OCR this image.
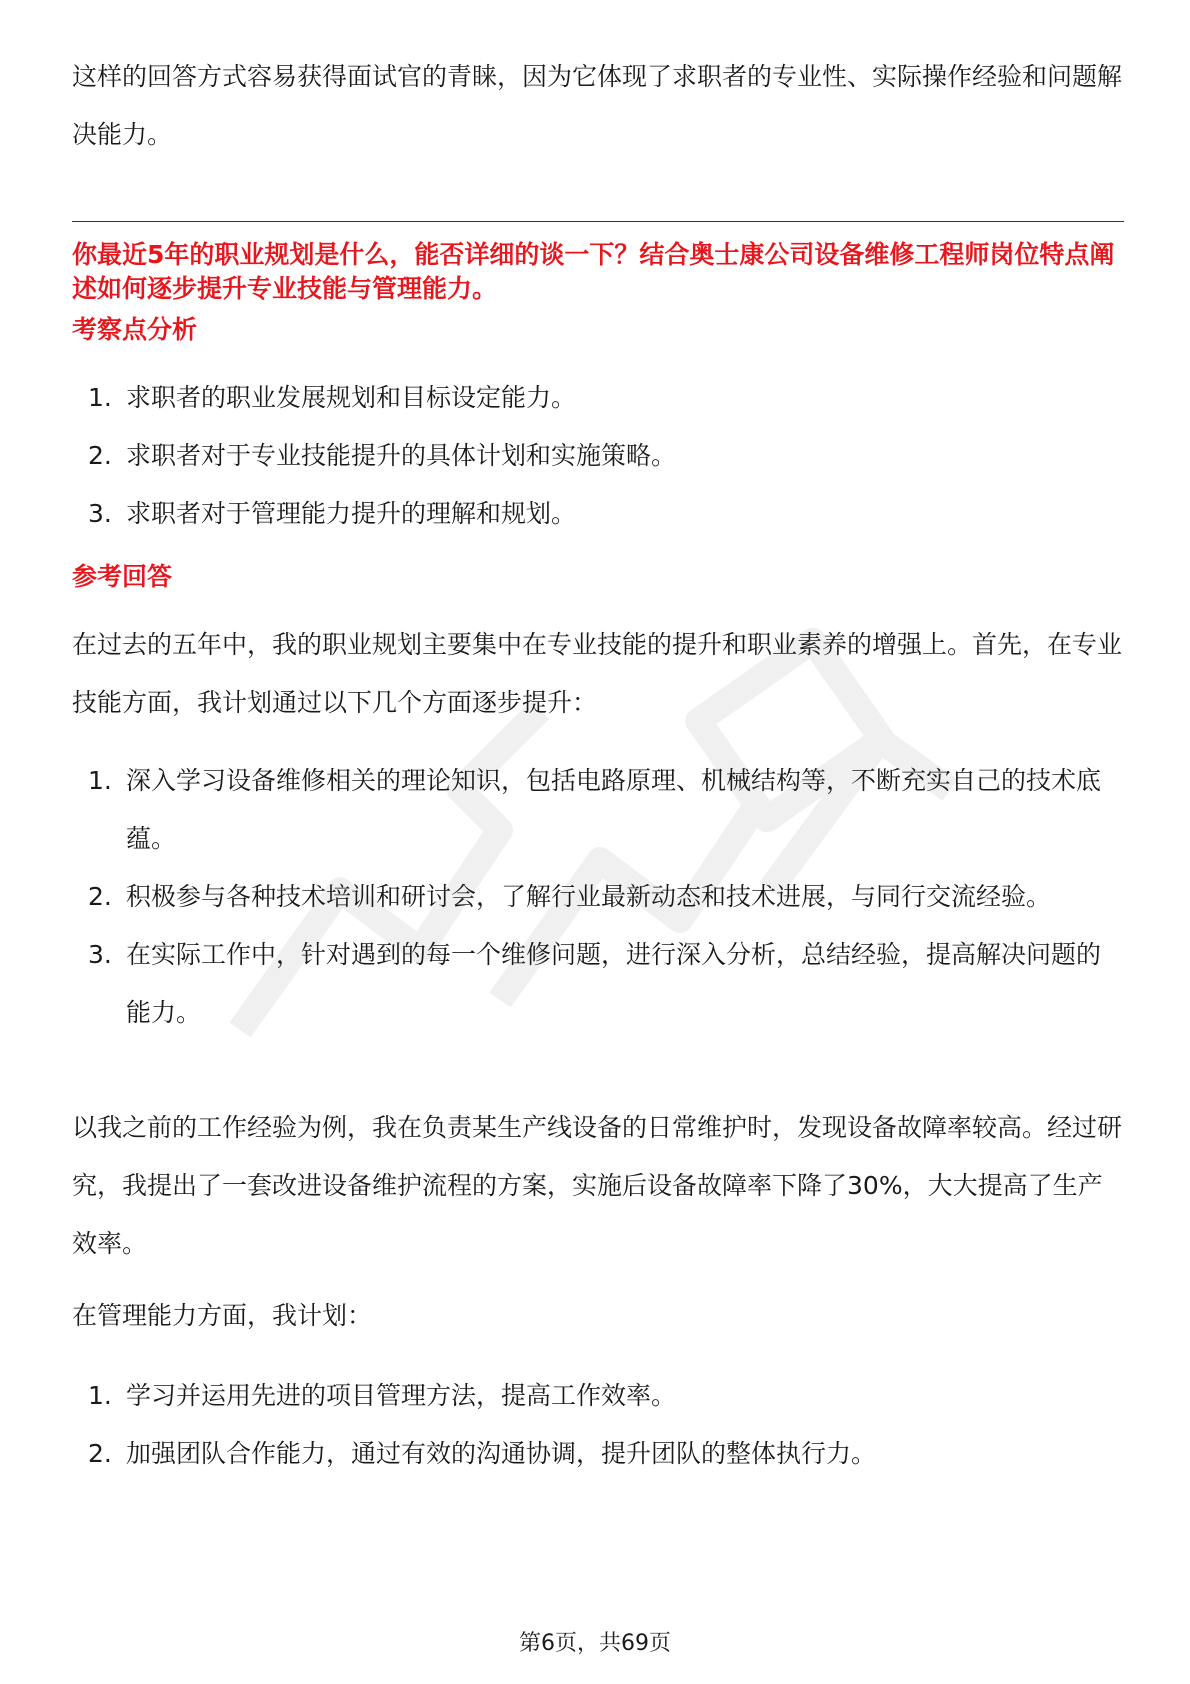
这样的回答方式容易获得面试官的青睐，因为它体现了求职者的专业性、实际操作经验和问题解决能力。

你最近5年的职业规划是什么，能否详细的谈一下？结合奥士康公司设备维修工程师岗位特点阐述如何逐步提升专业技能与管理能力。

考察点分析
1. 求职者的职业发展规划和目标设定能力。
2. 求职者对于专业技能提升的具体计划和实施策略。
3. 求职者对于管理能力提升的理解和规划。
参考回答

在过去的五年中，我的职业规划主要集中在专业技能的提升和职业素养的增强上。首先，在专业技能方面，我计划通过以下几个方面逐步提升：

1. 深入学习设备维修相关的理论知识，包括电路原理、机械结构等，不断充实自己的技术底蕴。
2. 积极参与各种技术培训和研讨会，了解行业最新动态和技术进展，与同行交流经验。
3. 在实际工作中，针对遇到的每一个维修问题，进行深入分析，总结经验，提高解决问题的能力。

以我之前的工作经验为例，我在负责某生产线设备的日常维护时，发现设备故障率较高。经过研究，我提出了一套改进设备维护流程的方案，实施后设备故障率下降了30%，大大提高了生产效率。

在管理能力方面，我计划：

1. 学习并运用先进的项目管理方法，提高工作效率。
2. 加强团队合作能力，通过有效的沟通协调，提升团队的整体执行力。
第6页，共69页
